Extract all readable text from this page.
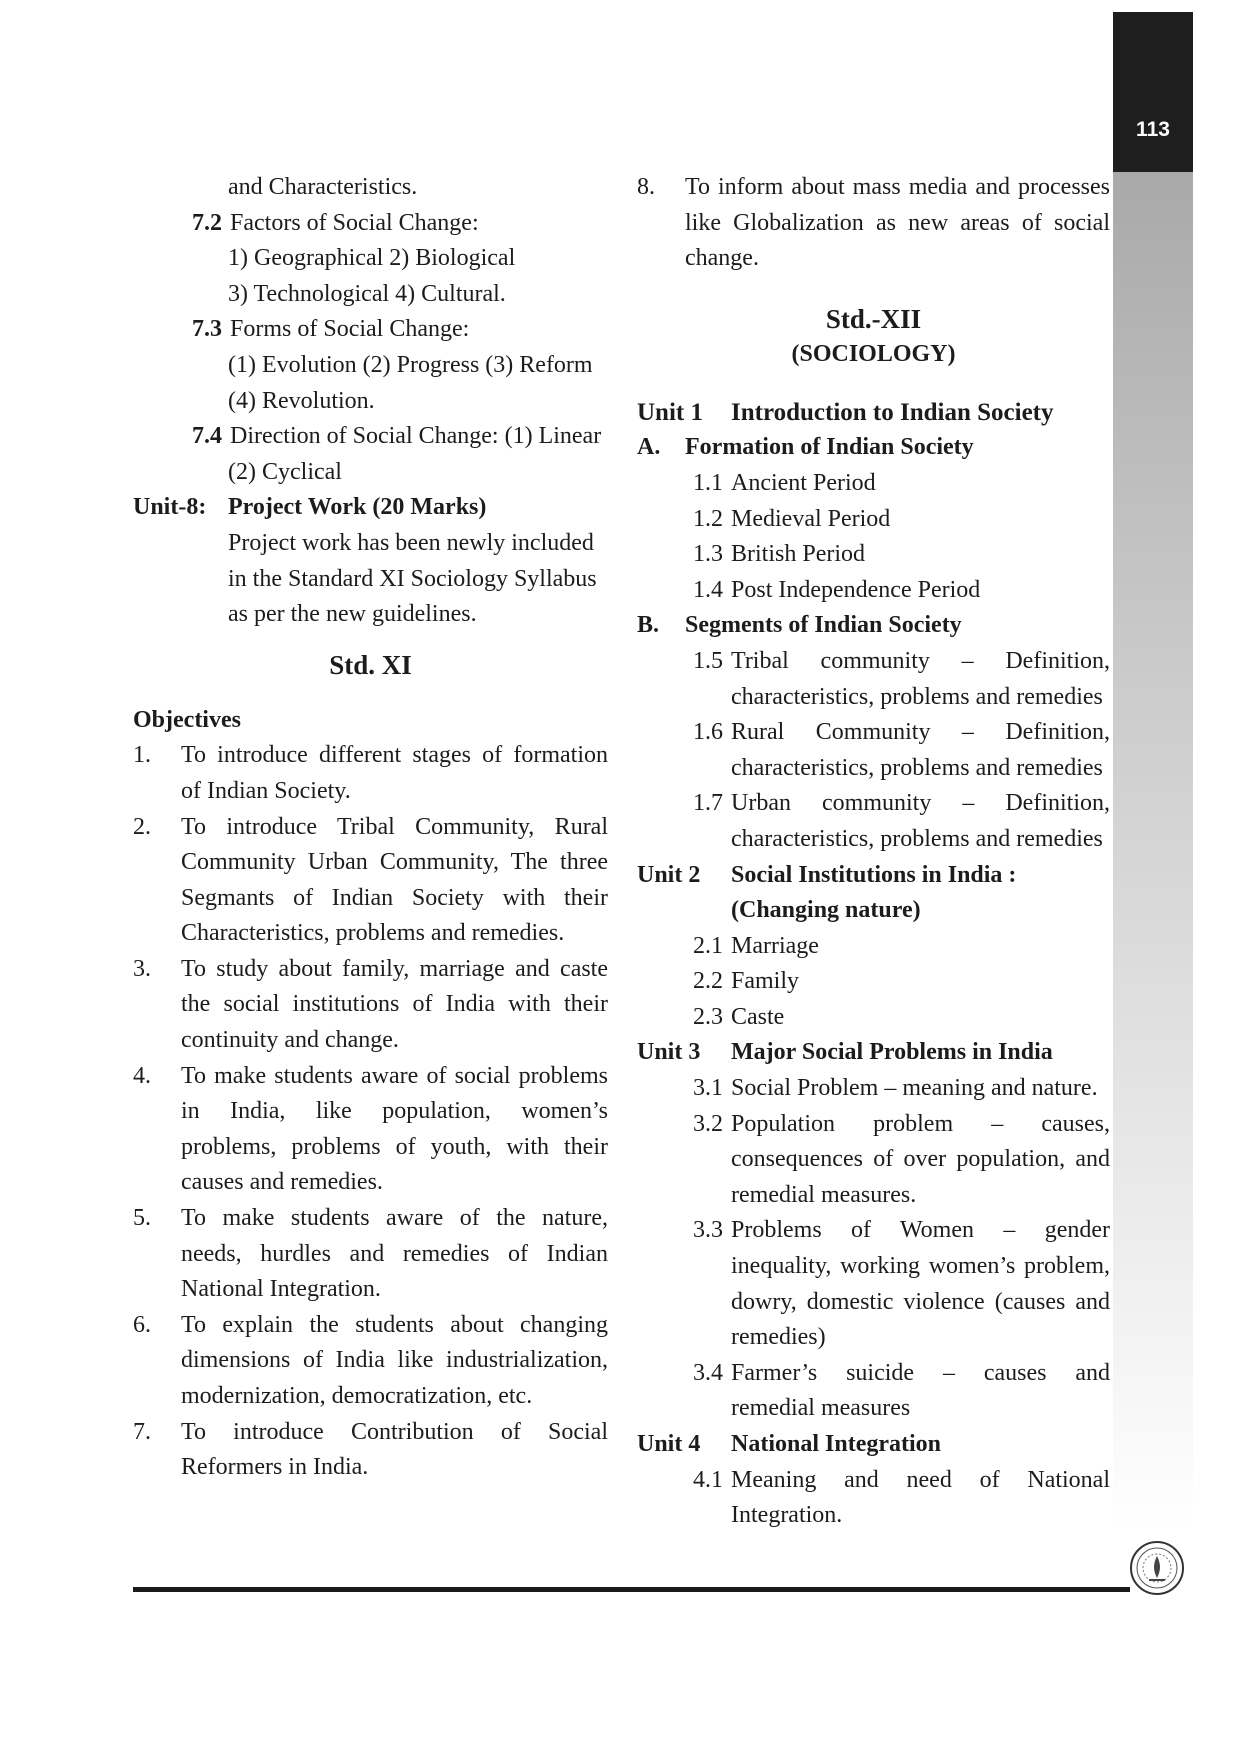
113
and Characteristics.
7.2 Factors of Social Change:
1) Geographical 2) Biological
3) Technological 4) Cultural.
7.3 Forms of Social Change:
(1) Evolution (2) Progress (3) Reform
(4) Revolution.
7.4 Direction of Social Change: (1) Linear
(2) Cyclical
Unit-8: Project Work (20 Marks)
Project work has been newly included
in the Standard XI Sociology Syllabus
as per the new guidelines.
Std. XI
Objectives
1.	To introduce different stages of formation
of Indian Society.
2.	To introduce Tribal Community, Rural
Community Urban Community, The three
Segmants of Indian Society with their
Characteristics, problems and remedies.
3.	To study about family, marriage and caste
the social institutions of India with their
continuity and change.
4.	To make students aware of social problems
in India, like population, women’s
problems, problems of youth, with their
causes and remedies.
5.	To make students aware of the nature,
needs, hurdles and remedies of Indian
National Integration.
6.	To explain the students about changing
dimensions of India like industrialization,
modernization, democratization, etc.
7.	To introduce Contribution of Social
Reformers in India.
8.	To inform about mass media and processes
like Globalization as new areas of social
change.
Std.-XII
(SOCIOLOGY)
Unit 1	Introduction to Indian Society
A.	Formation of Indian Society
1.1 Ancient Period
1.2 Medieval Period
1.3 British Period
1.4 Post Independence Period
B.	Segments of Indian Society
1.5 Tribal community – Definition,
characteristics, problems and remedies
1.6 Rural Community – Definition,
characteristics, problems and remedies
1.7 Urban community – Definition,
characteristics, problems and remedies
Unit 2	Social Institutions in India :
(Changing nature)
2.1 Marriage
2.2 Family
2.3 Caste
Unit 3	Major Social Problems in India
3.1 Social Problem – meaning and nature.
3.2 Population problem – causes,
consequences of over population, and
remedial measures.
3.3 Problems of Women – gender
inequality, working women’s problem,
dowry, domestic violence (causes and
remedies)
3.4 Farmer’s suicide – causes and
remedial measures
Unit 4	National Integration
4.1 Meaning and need of National
Integration.
